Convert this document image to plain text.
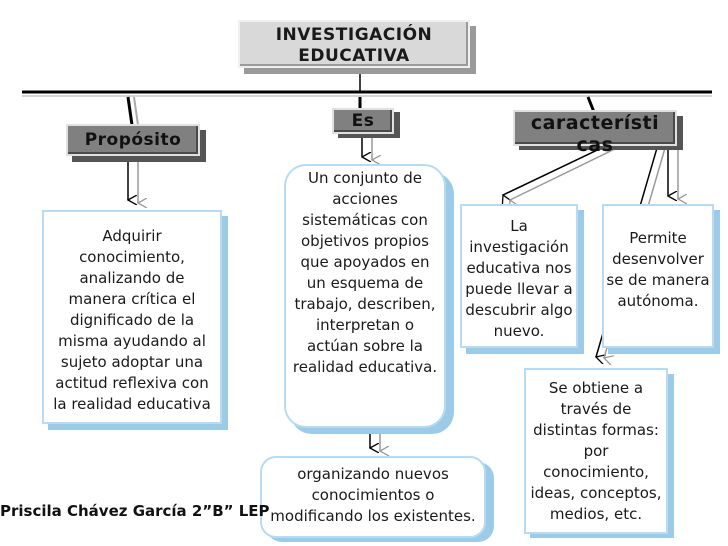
INVESTIGACIÓN EDUCATIVA
Propósito
Es	característi cas
Adquirir conocimiento, analizando de manera crítica el dignificado de la misma ayudando al sujeto adoptar una actitud reflexiva con la realidad educativa
Un conjunto de acciones sistemáticas con objetivos propios que apoyados en un esquema de trabajo, describen, interpretan o actúan sobre la realidad educativa.
organizando nuevos conocimientos o modificando los existentes.
La investigación educativa nos puede llevar a descubrir algo nuevo.
Permite desenvolver se de manera autónoma.
Se obtiene a través de distintas formas: por conocimiento, ideas, conceptos, medios, etc.
Priscila Chávez García 2”B” LEP
